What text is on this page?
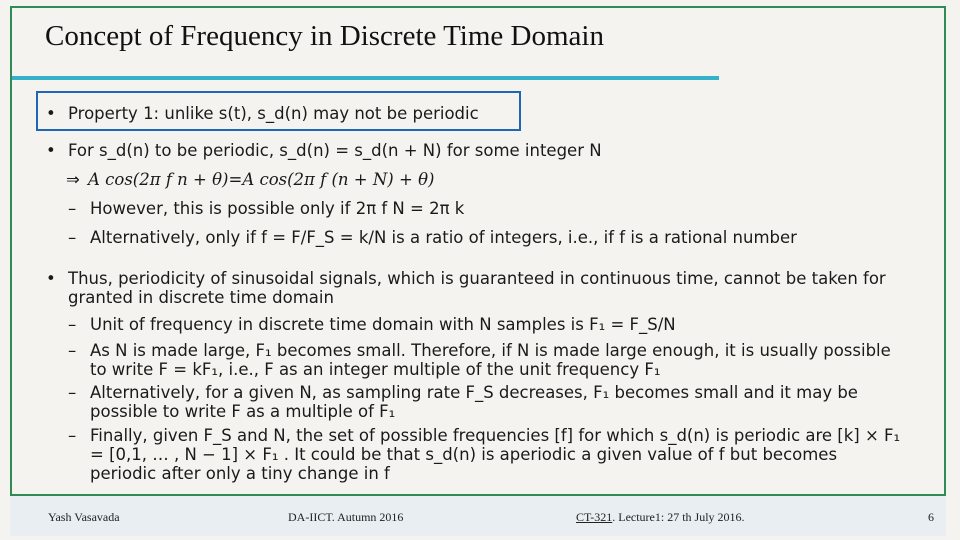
Concept of Frequency in Discrete Time Domain
• Property 1: unlike s(t), s_d(n) may not be periodic
• For s_d(n) to be periodic, s_d(n) = s_d(n + N) for some integer N
⇒ A cos(2π f n + θ)=A cos(2π f (n + N) + θ)
– However, this is possible only if 2π f N = 2π k
– Alternatively, only if f = F/F_S = k/N is a ratio of integers, i.e., if f is a rational number
• Thus, periodicity of sinusoidal signals, which is guaranteed in continuous time, cannot be taken for granted in discrete time domain
– Unit of frequency in discrete time domain with N samples is F₁ = F_S/N
– As N is made large, F₁ becomes small. Therefore, if N is made large enough, it is usually possible to write F = kF₁, i.e., F as an integer multiple of the unit frequency F₁
– Alternatively, for a given N, as sampling rate F_S decreases, F₁ becomes small and it may be possible to write F as a multiple of F₁
– Finally, given F_S and N, the set of possible frequencies [f] for which s_d(n) is periodic are [k] × F₁ = [0,1, … , N − 1] × F₁ . It could be that s_d(n) is aperiodic a given value of f but becomes periodic after only a tiny change in f
Yash Vasavada	DA-IICT. Autumn 2016	CT-321. Lecture1: 27 th July 2016.	6
